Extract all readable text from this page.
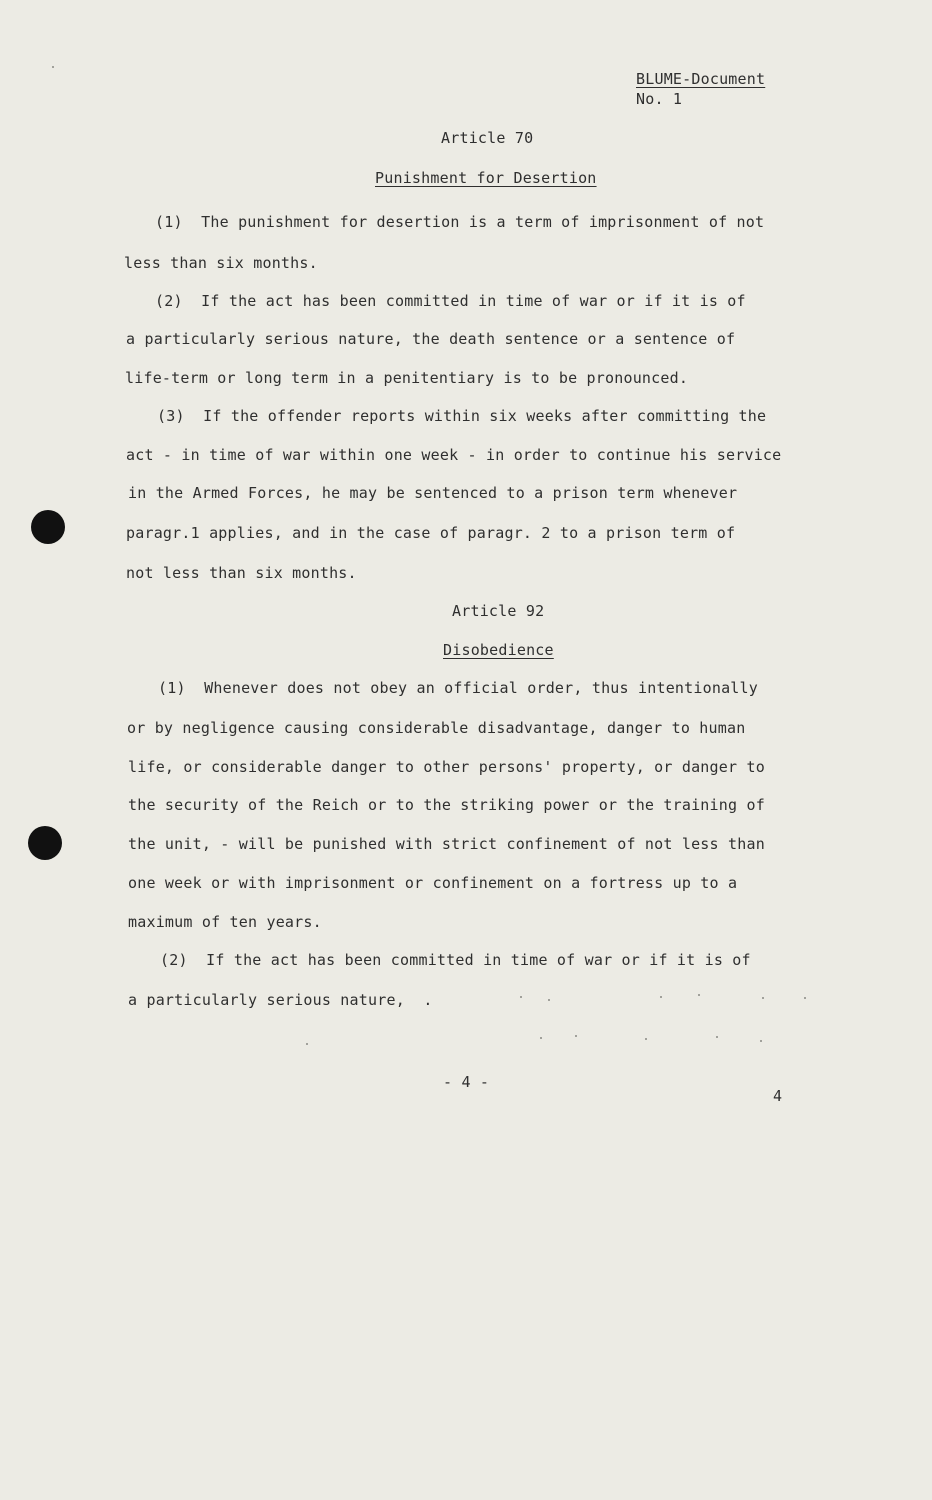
BLUME-Document
No. 1
Article 70
Punishment for Desertion
(1)  The punishment for desertion is a term of imprisonment of not
less than six months.
(2)  If the act has been committed in time of war or if it is of
a particularly serious nature, the death sentence or a sentence of
life-term or long term in a penitentiary is to be pronounced.
(3)  If the offender reports within six weeks after committing the
act - in time of war within one week - in order to continue his service
in the Armed Forces, he may be sentenced to a prison term whenever
paragr.1 applies, and in the case of paragr. 2 to a prison term of
not less than six months.
Article 92
Disobedience
(1)  Whenever does not obey an official order, thus intentionally
or by negligence causing considerable disadvantage, danger to human
life, or considerable danger to other persons' property, or danger to
the security of the Reich or to the striking power or the training of
the unit, - will be punished with strict confinement of not less than
one week or with imprisonment or confinement on a fortress up to a
maximum of ten years.
(2)  If the act has been committed in time of war or if it is of
a particularly serious nature,  .
- 4 -
4
